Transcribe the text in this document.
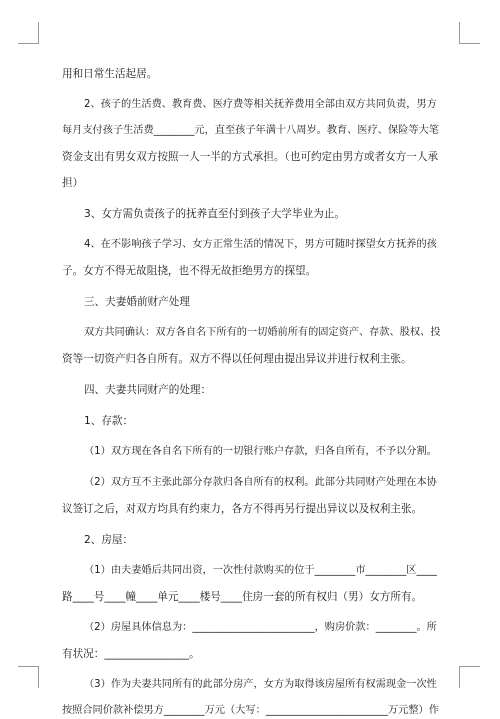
用和日常生活起居。
2、孩子的生活费、教育费、医疗费等相关抚养费用全部由双方共同负责，男方
每月支付孩子生活费________元，直至孩子年满十八周岁。教育、医疗、保险等大笔
资金支出有男女双方按照一人一半的方式承担。（也可约定由男方或者女方一人承
担）
3、女方需负责孩子的抚养直至付到孩子大学毕业为止。
4、在不影响孩子学习、女方正常生活的情况下，男方可随时探望女方抚养的孩
子。女方不得无故阻挠，也不得无故拒绝男方的探望。
三、夫妻婚前财产处理
双方共同确认：双方各自名下所有的一切婚前所有的固定资产、存款、股权、投
资等一切资产归各自所有。双方不得以任何理由提出异议并进行权利主张。
四、夫妻共同财产的处理：
1、存款：
（1）双方现在各自名下所有的一切银行账户存款，归各自所有，不予以分割。
（2）双方互不主张此部分存款归各自所有的权利。此部分共同财产处理在本协
议签订之后，对双方均具有约束力，各方不得再另行提出异议以及权利主张。
2、房屋：
（1）由夫妻婚后共同出资，一次性付款购买的位于________市________区____
路____号____幢____单元____楼号____住房一套的所有权归（男）女方所有。
（2）房屋具体信息为：________________________，购房价款：________。所
有状况：________________。
（3）作为夫妻共同所有的此部分房产，女方为取得该房屋所有权需现金一次性
按照合同价款补偿男方________万元（大写：________________________万元整）作
